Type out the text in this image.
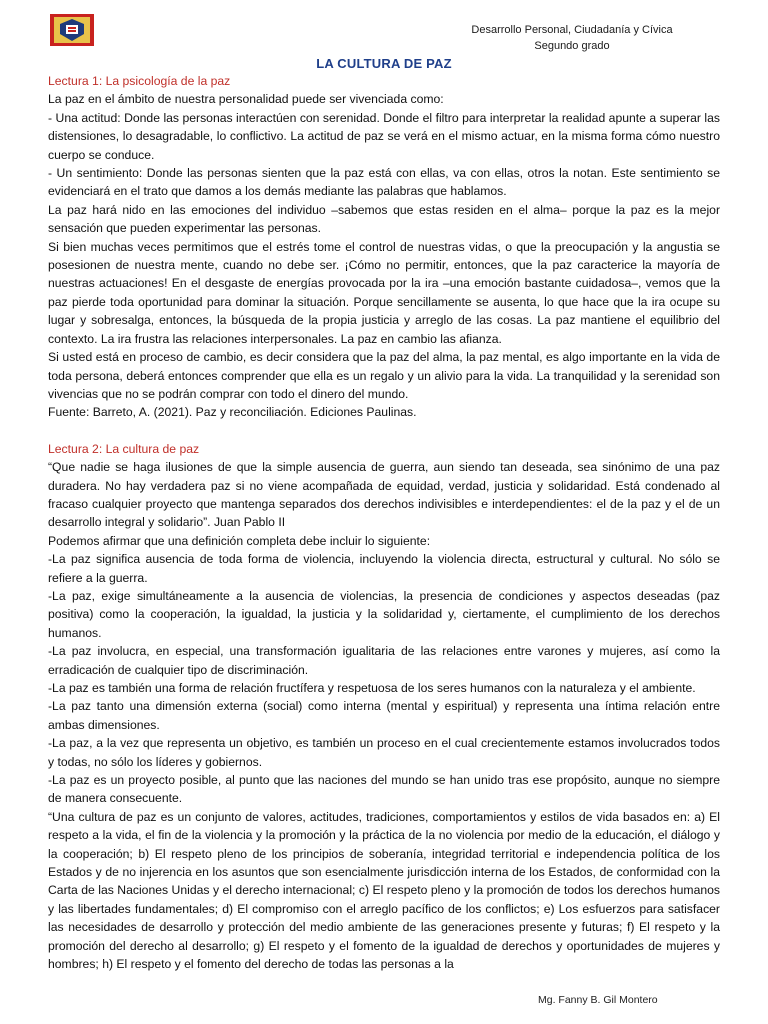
Desarrollo Personal, Ciudadanía y Cívica
Segundo grado
LA CULTURA DE PAZ

Lectura 1: La psicología de la paz

La paz en el ámbito de nuestra personalidad puede ser vivenciada como:

- Una actitud: Donde las personas interactúen con serenidad. Donde el filtro para interpretar la realidad apunte a superar las distensiones, lo desagradable, lo conflictivo. La actitud de paz se verá en el mismo actuar, en la misma forma cómo nuestro cuerpo se conduce.

- Un sentimiento: Donde las personas sienten que la paz está con ellas, va con ellas, otros la notan. Este sentimiento se evidenciará en el trato que damos a los demás mediante las palabras que hablamos.

La paz hará nido en las emociones del individuo –sabemos que estas residen en el alma– porque la paz es la mejor sensación que pueden experimentar las personas.

Si bien muchas veces permitimos que el estrés tome el control de nuestras vidas, o que la preocupación y la angustia se posesionen de nuestra mente, cuando no debe ser. ¡Cómo no permitir, entonces, que la paz caracterice la mayoría de nuestras actuaciones! En el desgaste de energías provocada por la ira –una emoción bastante cuidadosa–, vemos que la paz pierde toda oportunidad para dominar la situación. Porque sencillamente se ausenta, lo que hace que la ira ocupe su lugar y sobresalga, entonces, la búsqueda de la propia justicia y arreglo de las cosas. La paz mantiene el equilibrio del contexto. La ira frustra las relaciones interpersonales. La paz en cambio las afianza.

Si usted está en proceso de cambio, es decir considera que la paz del alma, la paz mental, es algo importante en la vida de toda persona, deberá entonces comprender que ella es un regalo y un alivio para la vida. La tranquilidad y la serenidad son vivencias que no se podrán comprar con todo el dinero del mundo.

Fuente: Barreto, A. (2021). Paz y reconciliación. Ediciones Paulinas.

Lectura 2: La cultura de paz

“Que nadie se haga ilusiones de que la simple ausencia de guerra, aun siendo tan deseada, sea sinónimo de una paz duradera. No hay verdadera paz si no viene acompañada de equidad, verdad, justicia y solidaridad. Está condenado al fracaso cualquier proyecto que mantenga separados dos derechos indivisibles e interdependientes: el de la paz y el de un desarrollo integral y solidario”. Juan Pablo II

Podemos afirmar que una definición completa debe incluir lo siguiente:

-La paz significa ausencia de toda forma de violencia, incluyendo la violencia directa, estructural y cultural. No sólo se refiere a la guerra.

-La paz, exige simultáneamente a la ausencia de violencias, la presencia de condiciones y aspectos deseadas (paz positiva) como la cooperación, la igualdad, la justicia y la solidaridad y, ciertamente, el cumplimiento de los derechos humanos.

-La paz involucra, en especial, una transformación igualitaria de las relaciones entre varones y mujeres, así como la erradicación de cualquier tipo de discriminación.

-La paz es también una forma de relación fructífera y respetuosa de los seres humanos con la naturaleza y el ambiente.

-La paz tanto una dimensión externa (social) como interna (mental y espiritual) y representa una íntima relación entre ambas dimensiones.

-La paz, a la vez que representa un objetivo, es también un proceso en el cual crecientemente estamos involucrados todos y todas, no sólo los líderes y gobiernos.

-La paz es un proyecto posible, al punto que las naciones del mundo se han unido tras ese propósito, aunque no siempre de manera consecuente.

“Una cultura de paz es un conjunto de valores, actitudes, tradiciones, comportamientos y estilos de vida basados en: a) El respeto a la vida, el fin de la violencia y la promoción y la práctica de la no violencia por medio de la educación, el diálogo y la cooperación; b) El respeto pleno de los principios de soberanía, integridad territorial e independencia política de los Estados y de no injerencia en los asuntos que son esencialmente jurisdicción interna de los Estados, de conformidad con la Carta de las Naciones Unidas y el derecho internacional; c) El respeto pleno y la promoción de todos los derechos humanos y las libertades fundamentales; d) El compromiso con el arreglo pacífico de los conflictos; e) Los esfuerzos para satisfacer las necesidades de desarrollo y protección del medio ambiente de las generaciones presente y futuras; f) El respeto y la promoción del derecho al desarrollo; g) El respeto y el fomento de la igualdad de derechos y oportunidades de mujeres y hombres; h) El respeto y el fomento del derecho de todas las personas a la

Mg. Fanny B. Gil Montero
